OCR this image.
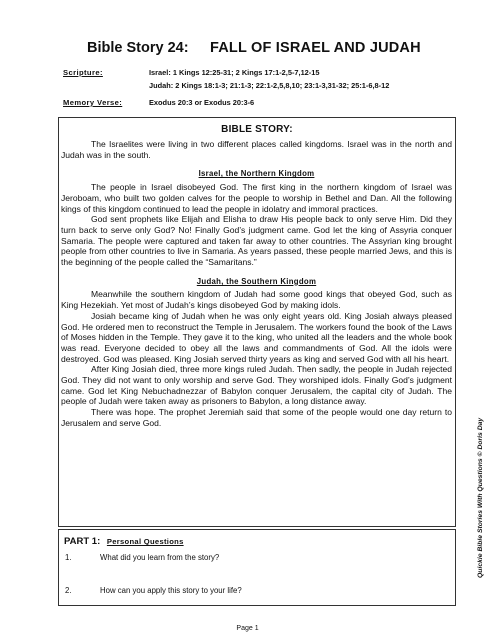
Bible Story 24: FALL OF ISRAEL AND JUDAH
Scripture:	Israel: 1 Kings 12:25-31; 2 Kings 17:1-2,5-7,12-15
Judah: 2 Kings 18:1-3; 21:1-3; 22:1-2,5,8,10; 23:1-3,31-32; 25:1-6,8-12
Memory Verse:	Exodus 20:3 or Exodus 20:3-6
BIBLE STORY:

The Israelites were living in two different places called kingdoms. Israel was in the north and Judah was in the south.

Israel, the Northern Kingdom

The people in Israel disobeyed God. The first king in the northern kingdom of Israel was Jeroboam, who built two golden calves for the people to worship in Bethel and Dan. All the following kings of this kingdom continued to lead the people in idolatry and immoral practices.

God sent prophets like Elijah and Elisha to draw His people back to only serve Him. Did they turn back to serve only God? No! Finally God’s judgment came. God let the king of Assyria conquer Samaria. The people were captured and taken far away to other countries. The Assyrian king brought people from other countries to live in Samaria. As years passed, these people married Jews, and this is the beginning of the people called the “Samaritans.”

Judah, the Southern Kingdom

Meanwhile the southern kingdom of Judah had some good kings that obeyed God, such as King Hezekiah. Yet most of Judah’s kings disobeyed God by making idols.

Josiah became king of Judah when he was only eight years old. King Josiah always pleased God. He ordered men to reconstruct the Temple in Jerusalem. The workers found the book of the Laws of Moses hidden in the Temple. They gave it to the king, who united all the leaders and the whole book was read. Everyone decided to obey all the laws and commandments of God. All the idols were destroyed. God was pleased. King Josiah served thirty years as king and served God with all his heart.

After King Josiah died, three more kings ruled Judah. Then sadly, the people in Judah rejected God. They did not want to only worship and serve God. They worshiped idols. Finally God’s judgment came. God let King Nebuchadnezzar of Babylon conquer Jerusalem, the capital city of Judah. The people of Judah were taken away as prisoners to Babylon, a long distance away.

There was hope. The prophet Jeremiah said that some of the people would one day return to Jerusalem and serve God.

PART 1: Personal Questions
1.	What did you learn from the story?
2.	How can you apply this story to your life?
Quickie Bible Stories With Questions © Doris Day
Page 1
